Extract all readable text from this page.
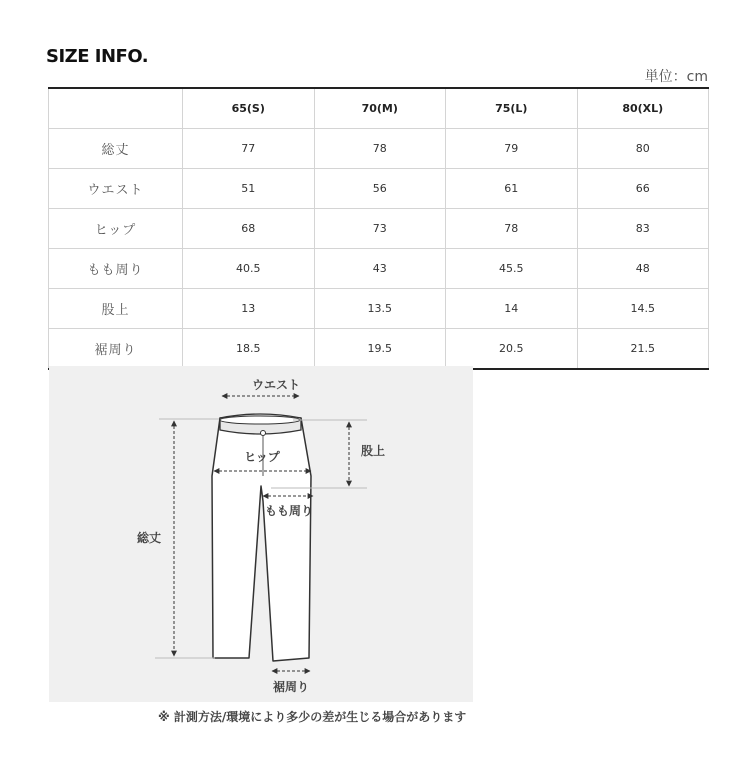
SIZE INFO.
単位：cm
	65(S)	70(M)	75(L)	80(XL)
総丈	77	78	79	80
ウエスト	51	56	61	66
ヒップ	68	73	78	83
もも周り	40.5	43	45.5	48
股上	13	13.5	14	14.5
裾周り	18.5	19.5	20.5	21.5
ウエスト
ヒップ	股上
もも周り
総丈
裾周り
※ 計測方法/環境により多少の差が生じる場合があります
